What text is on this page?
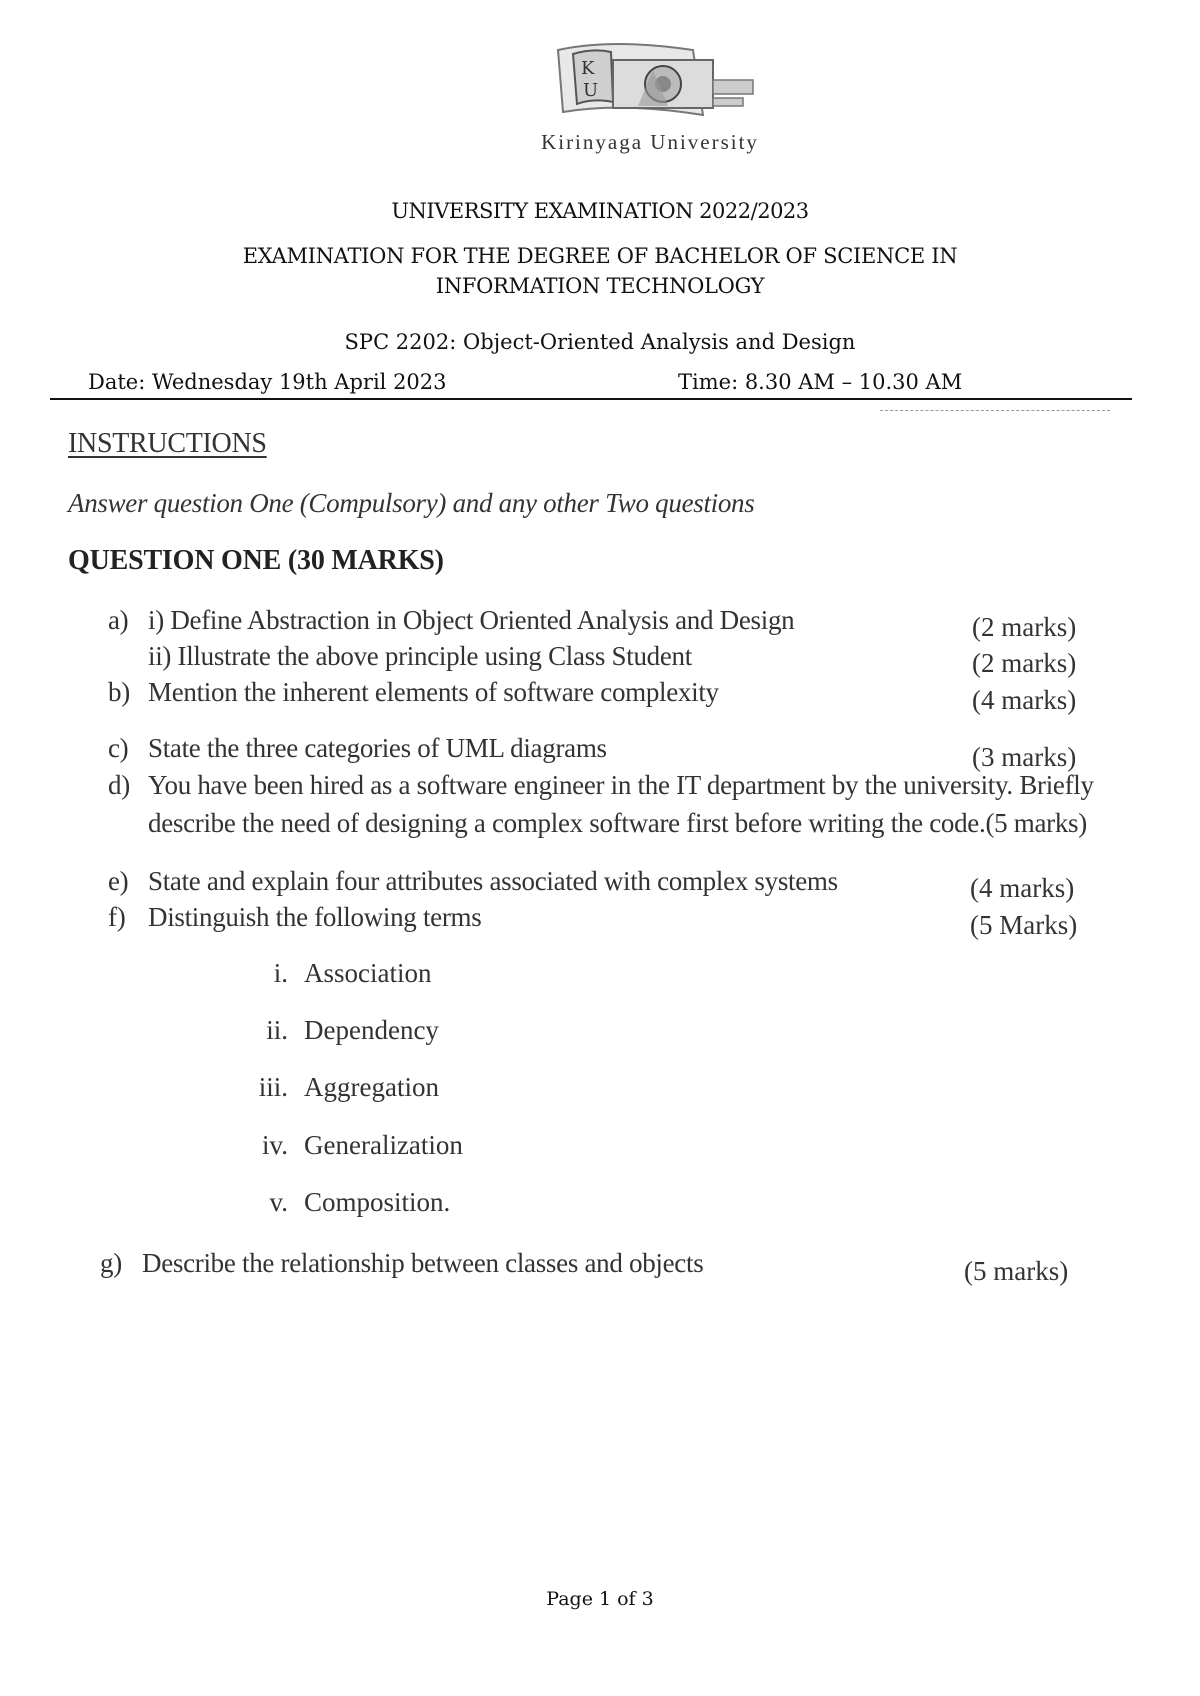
K
U
Kirinyaga University
UNIVERSITY EXAMINATION 2022/2023
EXAMINATION FOR THE DEGREE OF BACHELOR OF SCIENCE IN
INFORMATION TECHNOLOGY
SPC 2202: Object-Oriented Analysis and Design
Date: Wednesday 19th April 2023	Time: 8.30 AM – 10.30 AM
INSTRUCTIONS
Answer question One (Compulsory) and any other Two questions
QUESTION ONE (30 MARKS)
a) i) Define Abstraction in Object Oriented Analysis and Design	(2 marks)
ii) Illustrate the above principle using Class Student	(2 marks)
b) Mention the inherent elements of software complexity	(4 marks)
c) State the three categories of UML diagrams	(3 marks)
d) You have been hired as a software engineer in the IT department by the university. Briefly
describe the need of designing a complex software first before writing the code.(5 marks)
e) State and explain four attributes associated with complex systems	(4 marks)
f) Distinguish the following terms	(5 Marks)
i. Association
ii. Dependency
iii. Aggregation
iv. Generalization
v. Composition.
g) Describe the relationship between classes and objects	(5 marks)
Page 1 of 3
